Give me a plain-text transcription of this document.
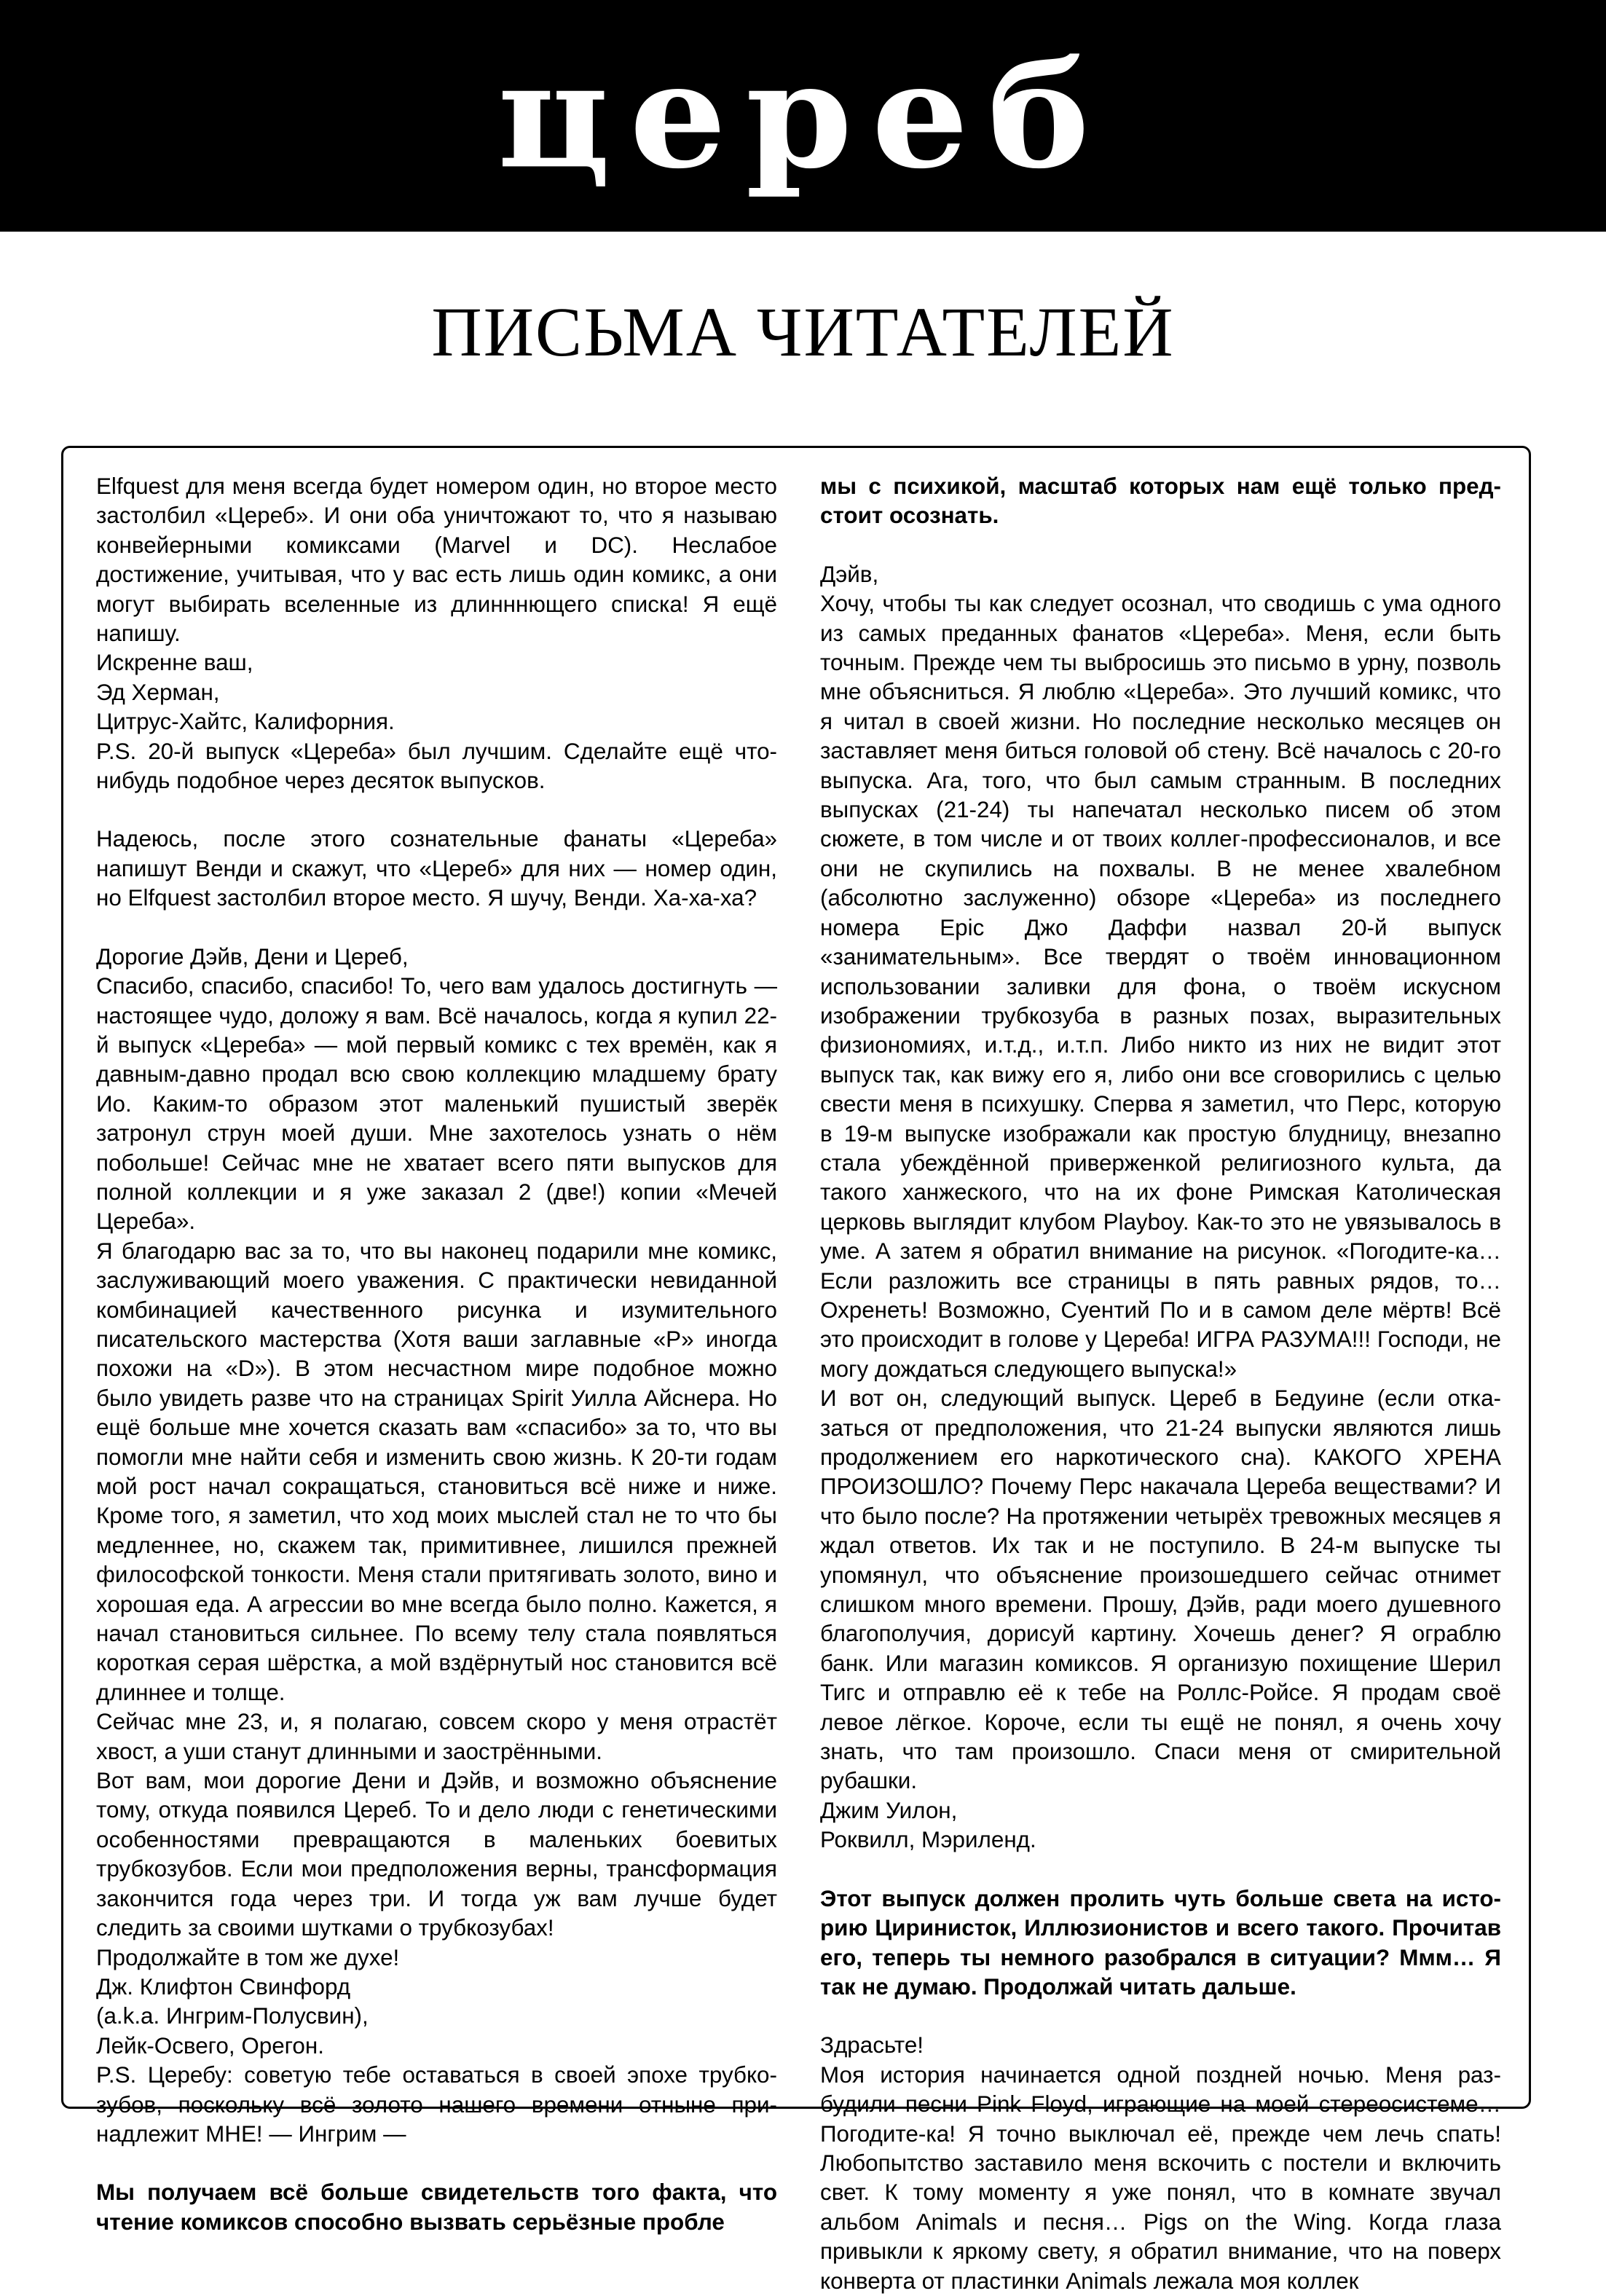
цереб
ПИСЬМА ЧИТАТЕЛЕЙ

Elfquest для меня всегда будет номером один, но второе место застолбил «Цереб». И они оба уничтожают то, что я называю конвейерными комиксами (Marvel и DC). Неслабое достижение, учитывая, что у вас есть лишь один комикс, а они могут выбирать вселенные из длинннющего списка! Я ещё напишу.

Искренне ваш,

Эд Херман,

Цитрус-Хайтс, Калифорния.

P.S. 20-й выпуск «Цереба» был лучшим. Сделайте ещё что-нибудь подобное через десяток выпусков.

Надеюсь, после этого сознательные фанаты «Цереба» напишут Венди и скажут, что «Цереб» для них — номер один, но Elfquest застолбил второе место. Я шучу, Венди. Ха-ха-ха?

Дорогие Дэйв, Дени и Цереб,

Спасибо, спасибо, спасибо! То, чего вам удалось достигнуть — настоящее чудо, доложу я вам. Всё началось, когда я купил 22-й выпуск «Цереба» — мой первый комикс с тех времён, как я давным-давно продал всю свою коллекцию младшему брату Ио. Каким-то образом этот маленький пушистый зверёк затронул струн моей души. Мне захотелось узнать о нём побольше! Сейчас мне не хватает всего пяти выпусков для полной коллекции и я уже заказал 2 (две!) копии «Мечей Цереба».

Я благодарю вас за то, что вы наконец подарили мне комикс, заслуживающий моего уважения. С практически невиданной комбинацией качественного рисунка и изумительного писательского мастерства (Хотя ваши заглавные «P» иногда похожи на «D»). В этом несчастном мире подобное можно было увидеть разве что на страницах Spirit Уилла Айснера. Но ещё больше мне хочется сказать вам «спасибо» за то, что вы помогли мне найти себя и изменить свою жизнь. К 20-ти годам мой рост начал сокращаться, становиться всё ниже и ниже. Кроме того, я заметил, что ход моих мыслей стал не то что бы медленнее, но, скажем так, примитивнее, лишился прежней философской тонкости. Меня стали притягивать золото, вино и хорошая еда. А агрессии во мне всегда было полно. Кажется, я начал становиться сильнее. По всему телу стала появляться короткая серая шёрстка, а мой вздёрнутый нос становится всё длиннее и толще.

Сейчас мне 23, и, я полагаю, совсем скоро у меня отрастёт хвост, а уши станут длинными и заострёнными.

Вот вам, мои дорогие Дени и Дэйв, и возможно объяснение тому, откуда появился Цереб. То и дело люди с генетическими особенностями превращаются в маленьких боевитых трубкозубов. Если мои предположения верны, трансформация закончится года через три. И тогда уж вам лучше будет следить за своими шутками о трубкозубах!

Продолжайте в том же духе!

Дж. Клифтон Свинфорд

(a.k.a. Ингрим-Полусвин),

Лейк-Освего, Орегон.

P.S. Церебу: советую тебе оставаться в своей эпохе трубкозубов, поскольку всё золото нашего времени отныне принадлежит МНЕ! — Ингрим —

Мы получаем всё больше свидетельств того факта, что чтение комиксов способно вызвать серьёзные пробле

мы с психикой, масштаб которых нам ещё только предстоит осознать.

Дэйв,

Хочу, чтобы ты как следует осознал, что сводишь с ума одного из самых преданных фанатов «Цереба». Меня, если быть точным. Прежде чем ты выбросишь это письмо в урну, позволь мне объясниться. Я люблю «Цереба». Это лучший комикс, что я читал в своей жизни. Но последние несколько месяцев он заставляет меня биться головой об стену. Всё началось с 20-го выпуска. Ага, того, что был самым странным. В последних выпусках (21-24) ты напечатал несколько писем об этом сюжете, в том числе и от твоих коллег-профессионалов, и все они не скупились на похвалы. В не менее хвалебном (абсолютно заслуженно) обзоре «Цереба» из последнего номера Epic Джо Даффи назвал 20-й выпуск «занимательным». Все твердят о твоём инновационном использовании заливки для фона, о твоём искусном изображении трубкозуба в разных позах, выразительных физиономиях, и.т.д., и.т.п. Либо никто из них не видит этот выпуск так, как вижу его я, либо они все сговорились с целью свести меня в психушку. Сперва я заметил, что Перс, которую в 19-м выпуске изображали как простую блудницу, внезапно стала убеждённой приверженкой религиозного культа, да такого ханжеского, что на их фоне Римская Католическая церковь выглядит клубом Playboy. Как-то это не увязывалось в уме. А затем я обратил внимание на рисунок. «Погодите-ка… Если разложить все страницы в пять равных рядов, то… Охренеть! Возможно, Суентий По и в самом деле мёртв! Всё это происходит в голове у Цереба! ИГРА РАЗУМА!!! Господи, не могу дождаться следующего выпуска!»

И вот он, следующий выпуск. Цереб в Бедуине (если отказаться от предположения, что 21-24 выпуски являются лишь продолжением его наркотического сна). КАКОГО ХРЕНА ПРОИЗОШЛО? Почему Перс накачала Цереба веществами? И что было после? На протяжении четырёх тревожных месяцев я ждал ответов. Их так и не поступило. В 24-м выпуске ты упомянул, что объяснение произошедшего сейчас отнимет слишком много времени. Прошу, Дэйв, ради моего душевного благополучия, дорисуй картину. Хочешь денег? Я ограблю банк. Или магазин комиксов. Я организую похищение Шерил Тигс и отправлю её к тебе на Роллс-Ройсе. Я продам своё левое лёгкое. Короче, если ты ещё не понял, я очень хочу знать, что там произошло. Спаси меня от смирительной рубашки.

Джим Уилон,

Роквилл, Мэриленд.

Этот выпуск должен пролить чуть больше света на историю Циринисток, Иллюзионистов и всего такого. Прочитав его, теперь ты немного разобрался в ситуации? Ммм… Я так не думаю. Продолжай читать дальше.

Здрасьте!

Моя история начинается одной поздней ночью. Меня разбудили песни Pink Floyd, играющие на моей стереосистеме… Погодите-ка! Я точно выключал её, прежде чем лечь спать! Любопытство заставило меня вскочить с постели и включить свет. К тому моменту я уже понял, что в комнате звучал альбом Animals и песня… Pigs on the Wing. Когда глаза привыкли к яркому свету, я обратил внимание, что на поверх конверта от пластинки Animals лежала моя коллек
